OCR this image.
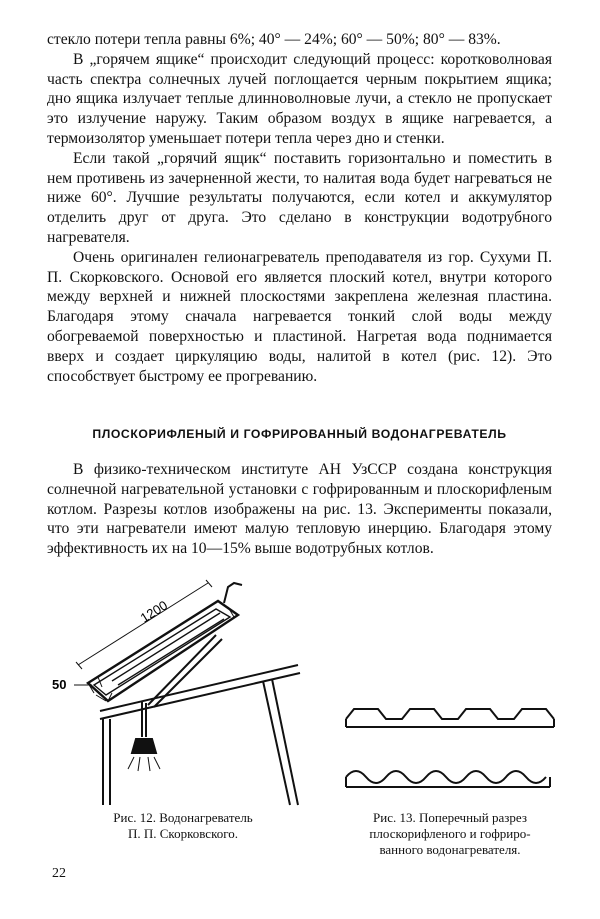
стекло потери тепла равны 6%; 40° — 24%; 60° — 50%; 80° — 83%.

В „горячем ящике“ происходит следующий процесс: коротковолновая часть спектра солнечных лучей поглощается черным покрытием ящика; дно ящика излучает теплые длинноволновые лучи, а стекло не пропускает это излучение наружу. Таким образом воздух в ящике нагревается, а термоизолятор уменьшает потери тепла через дно и стенки.

Если такой „горячий ящик“ поставить горизонтально и поместить в нем противень из зачерненной жести, то налитая вода будет нагреваться не ниже 60°. Лучшие результаты получаются, если котел и аккумулятор отделить друг от друга. Это сделано в конструкции водотрубного нагревателя.

Очень оригинален гелионагреватель преподавателя из гор. Сухуми П. П. Скорковского. Основой его является плоский котел, внутри которого между верхней и нижней плоскостями закреплена железная пластина. Благодаря этому сначала нагревается тонкий слой воды между обогреваемой поверхностью и пластиной. Нагретая вода поднимается вверх и создает циркуляцию воды, налитой в котел (рис. 12). Это способствует быстрому ее прогреванию.

ПЛОСКОРИФЛЕНЫЙ И ГОФРИРОВАННЫЙ ВОДОНАГРЕВАТЕЛЬ

В физико-техническом институте АН УзССР создана конструкция солнечной нагревательной установки с гофрированным и плоскорифленым котлом. Разрезы котлов изображены на рис. 13. Эксперименты показали, что эти нагреватели имеют малую тепловую инерцию. Благодаря этому эффективность их на 10—15% выше водотрубных котлов.

1200
50
Рис. 12. Водонагреватель
П. П. Скорковского.
Рис. 13. Поперечный разрез
плоскорифленого и гофриро-
ванного водонагревателя.
22
